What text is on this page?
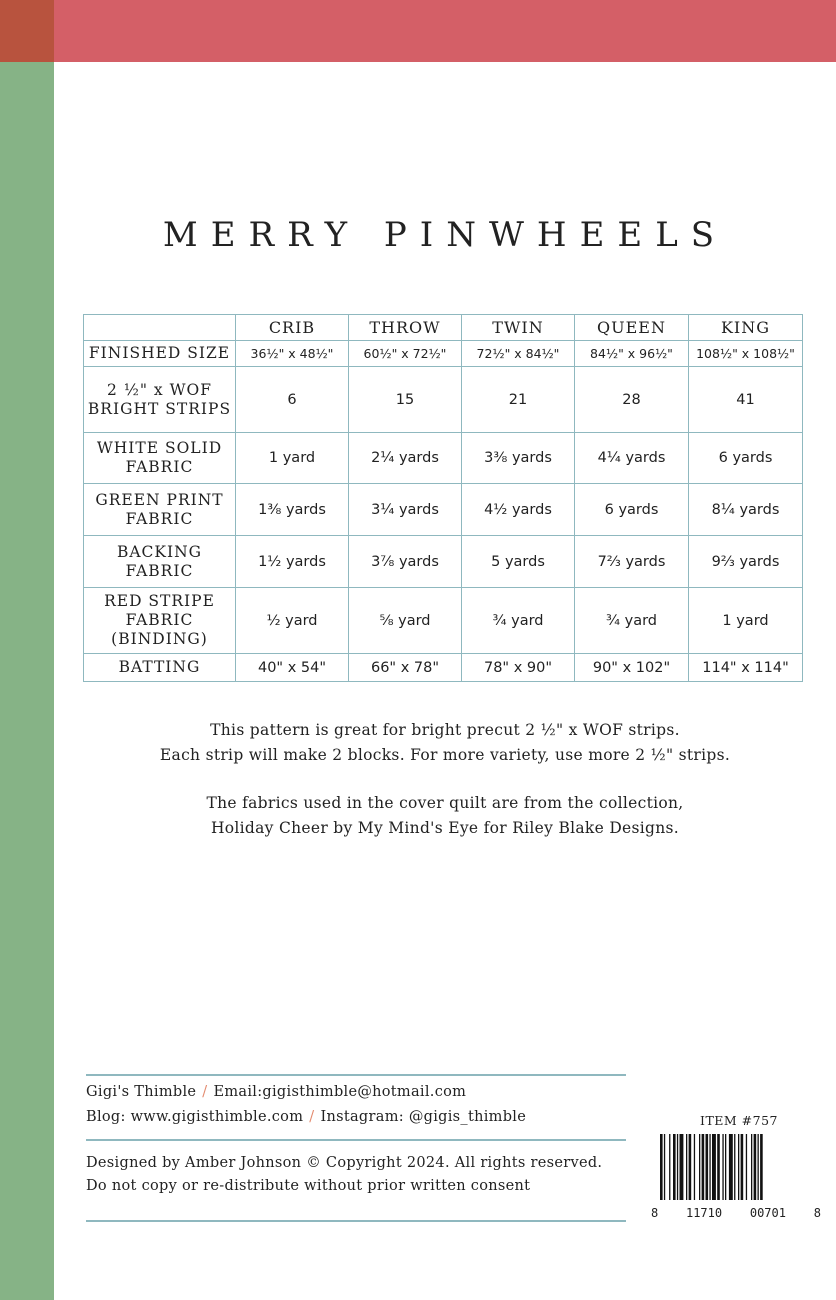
MERRY PINWHEELS
	CRIB	THROW	TWIN	QUEEN	KING
FINISHED SIZE	36½" x 48½"	60½" x 72½"	72½" x 84½"	84½" x 96½"	108½" x 108½"
2 ½" x WOF BRIGHT STRIPS	6	15	21	28	41
WHITE SOLID FABRIC	1 yard	2¼ yards	3⅜ yards	4¼ yards	6 yards
GREEN PRINT FABRIC	1⅜ yards	3¼ yards	4½ yards	6 yards	8¼ yards
BACKING FABRIC	1½ yards	3⅞ yards	5 yards	7⅔ yards	9⅔ yards
RED STRIPE FABRIC (BINDING)	½ yard	⅝ yard	¾ yard	¾ yard	1 yard
BATTING	40" x 54"	66" x 78"	78" x 90"	90" x 102"	114" x 114"

This pattern is great for bright precut 2 ½" x WOF strips.

Each strip will make 2 blocks. For more variety, use more 2 ½" strips.

The fabrics used in the cover quilt are from the collection,

Holiday Cheer by My Mind's Eye for Riley Blake Designs.

Gigi's Thimble / Email:gigisthimble@hotmail.com
Blog: www.gigisthimble.com / Instagram: @gigis_thimble
Designed by Amber Johnson © Copyright 2024. All rights reserved.
Do not copy or re-distribute without prior written consent
ITEM #757
8 11710 00701 8
